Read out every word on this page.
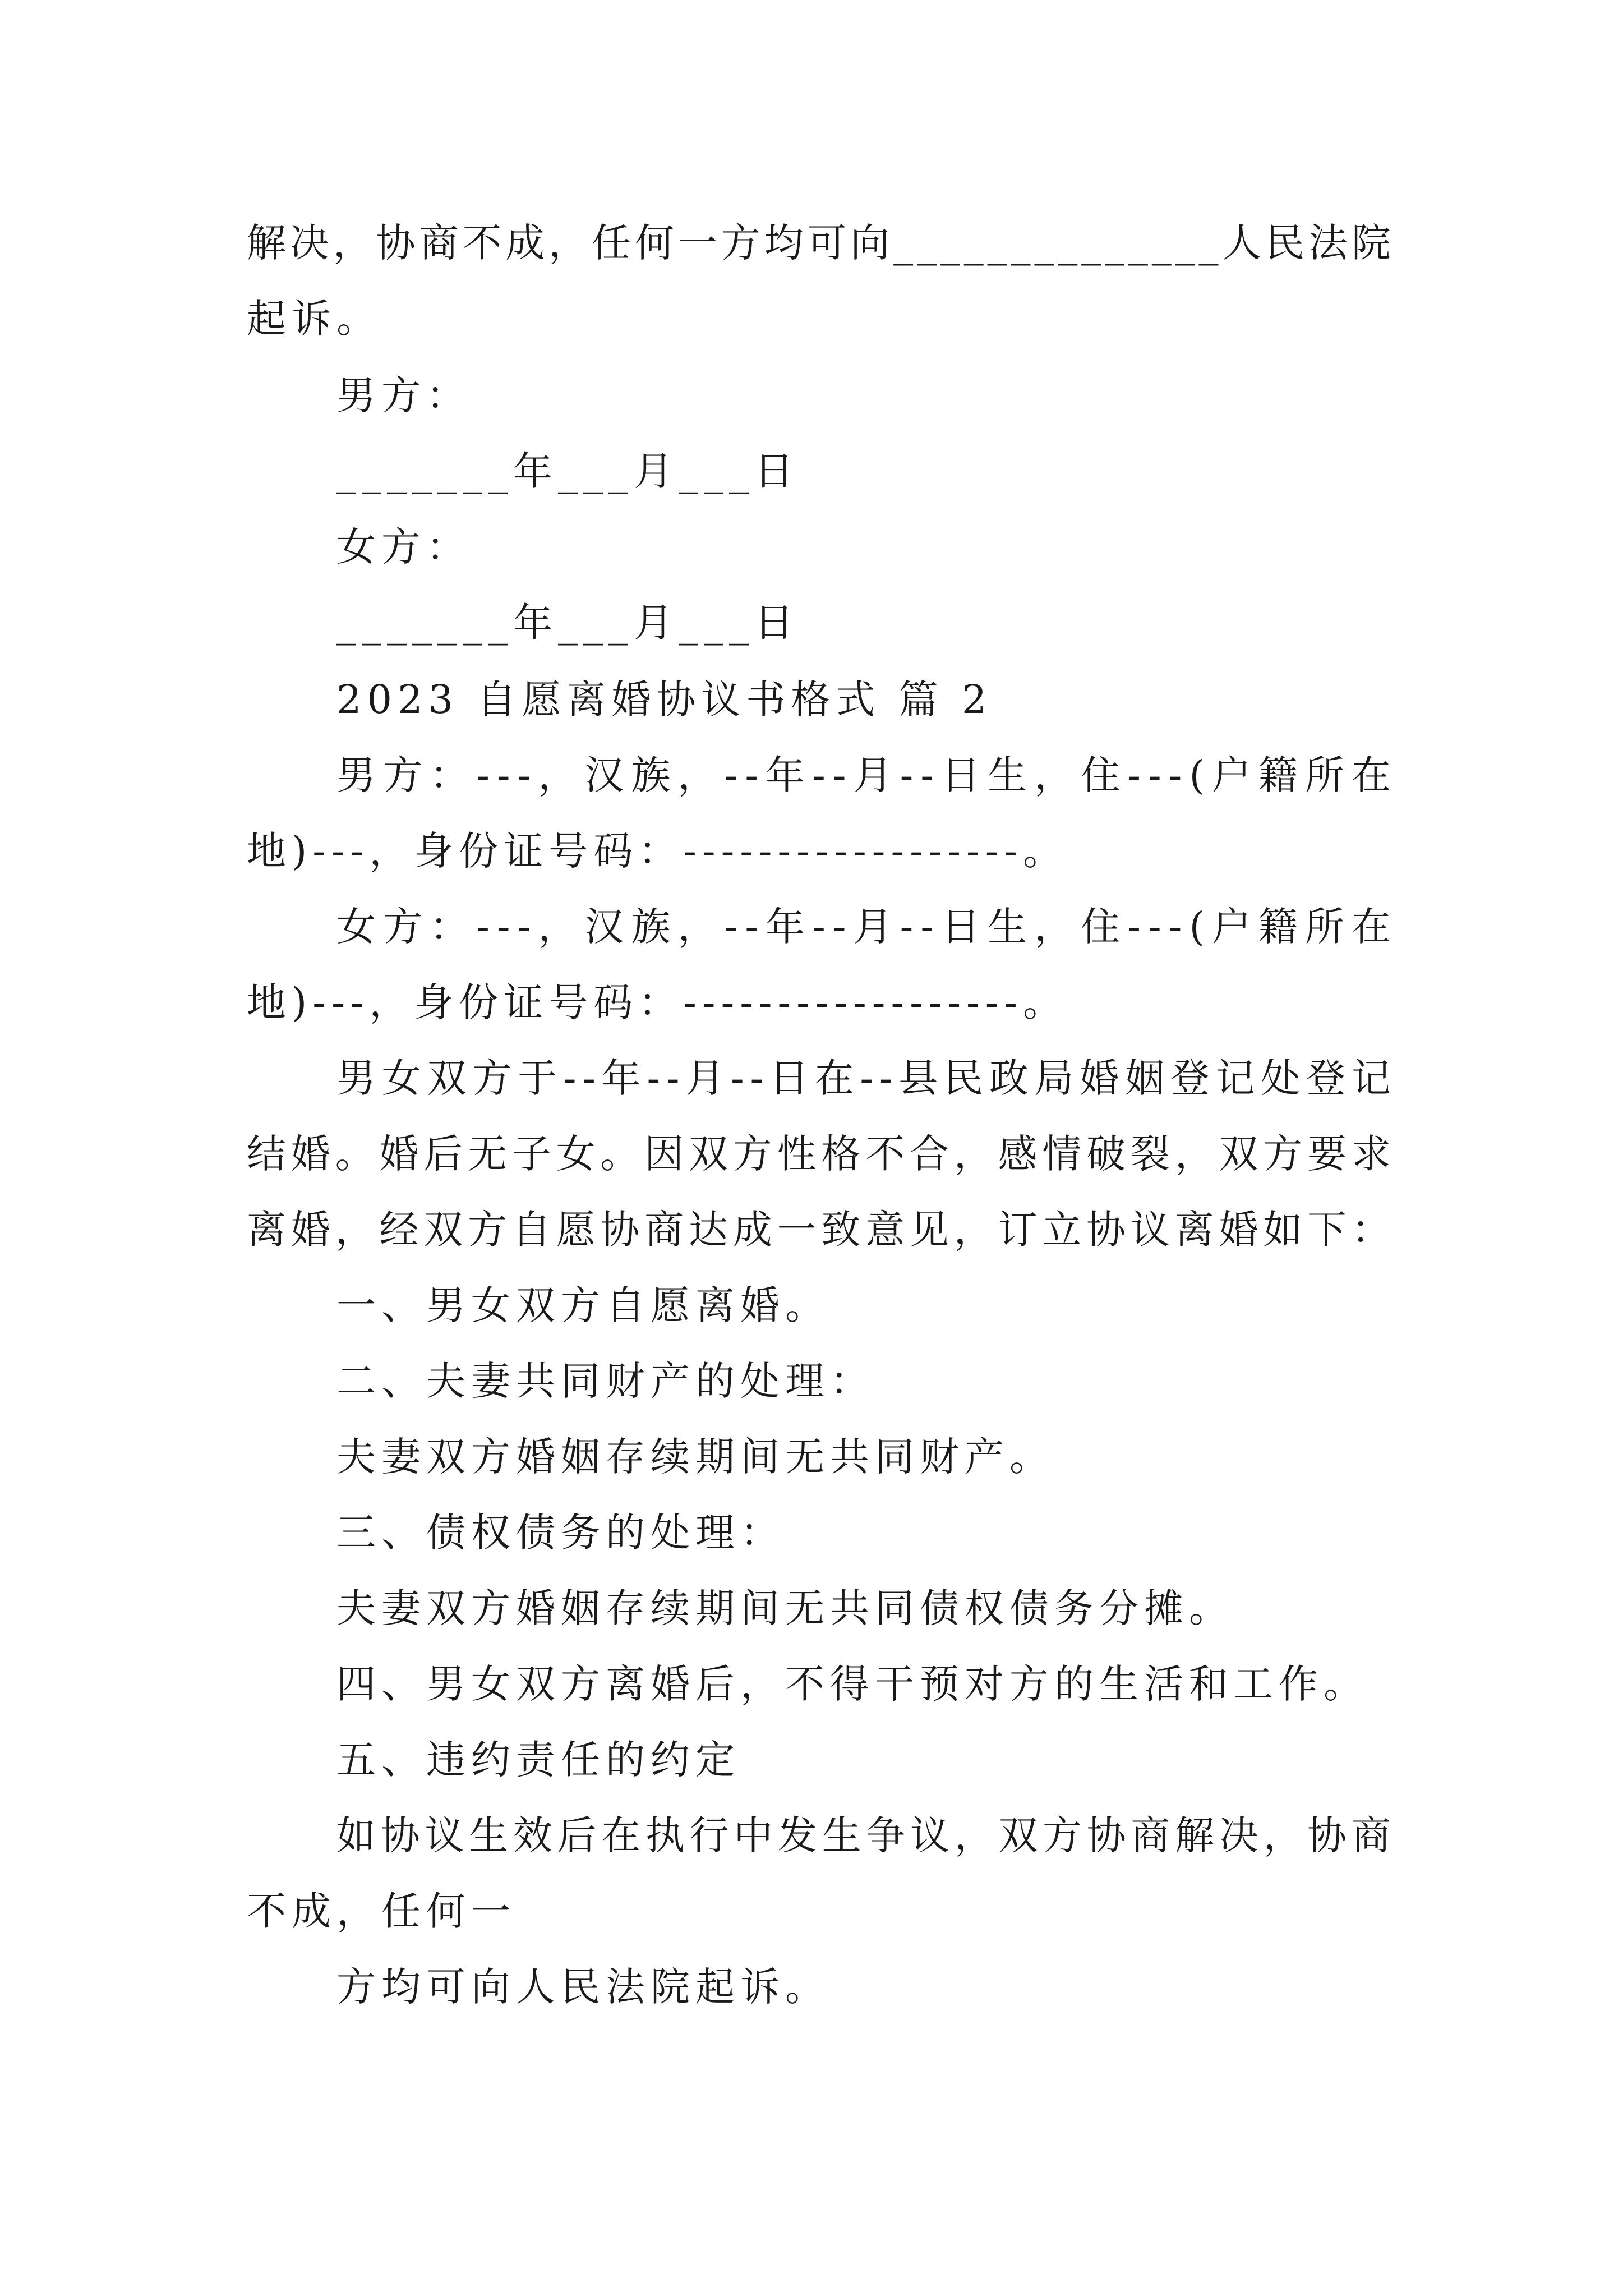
解 决 ， 协 商 不 成 ， 任 何 一 方 均 可 向 _ _ _ _ _ _ _ _ _ _ _ _ _ _ 人 民 法 院
起诉。
男方：
_______年___月___日
女方：
_______年___月___日
2023 自愿离婚协议书格式 篇 2
男 方 ： - - - ， 汉 族 ， - - 年 - - 月 - - 日 生 ， 住 - - - ( 户 籍 所 在
地)---，身份证号码：------------------。
女 方 ： - - - ， 汉 族 ， - - 年 - - 月 - - 日 生 ， 住 - - - ( 户 籍 所 在
地)---，身份证号码：------------------。
男 女 双 方 于 - - 年 - - 月 - - 日 在 - - 县 民 政 局 婚 姻 登 记 处 登 记
结 婚 。 婚 后 无 子 女 。 因 双 方 性 格 不 合 ， 感 情 破 裂 ， 双 方 要 求
离 婚 ， 经 双 方 自 愿 协 商 达 成 一 致 意 见 ， 订 立 协 议 离 婚 如 下 ：
一、男女双方自愿离婚。
二、夫妻共同财产的处理：
夫妻双方婚姻存续期间无共同财产。
三、债权债务的处理：
夫妻双方婚姻存续期间无共同债权债务分摊。
四、男女双方离婚后，不得干预对方的生活和工作。
五、违约责任的约定
如 协 议 生 效 后 在 执 行 中 发 生 争 议 ， 双 方 协 商 解 决 ， 协 商
不成，任何一
方均可向人民法院起诉。
